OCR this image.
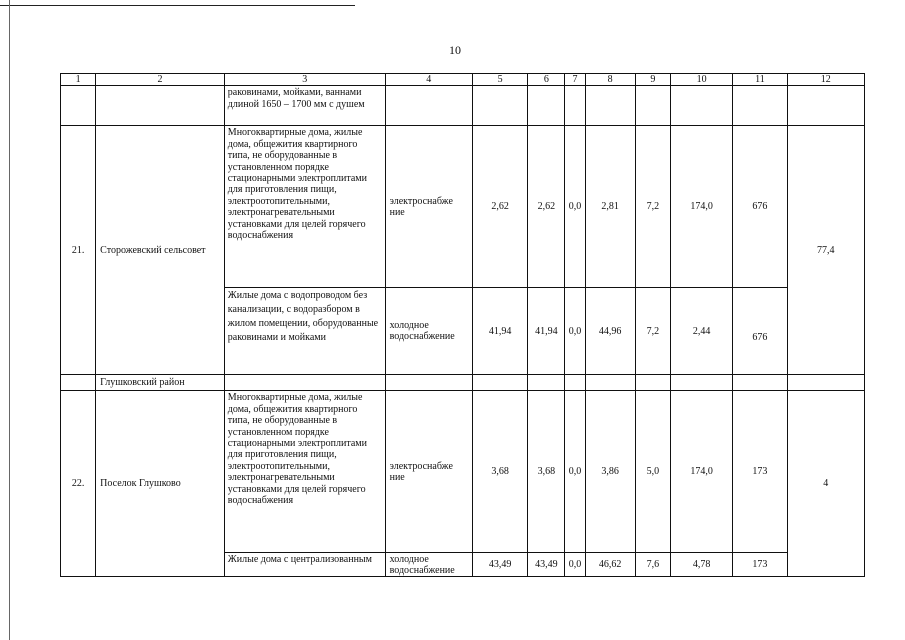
10
1	2	3	4	5	6	7	8	9	10	11	12
		раковинами, мойками, ваннами длиной 1650 – 1700 мм с душем									
21.	Сторожевский сельсовет	Многоквартирные дома, жилые дома, общежития квартирного типа, не оборудованные в установленном порядке стационарными электроплитами для приготовления пищи, электроотопительными, электронагревательными установками для целей горячего водоснабжения	электроснабже ние	2,62	2,62	0,0	2,81	7,2	174,0	676	77,4
		Жилые дома с водопроводом без канализации, с водоразбором в жилом помещении, оборудованные раковинами и мойками	холодное водоснабжение	41,94	41,94	0,0	44,96	7,2	2,44	676	
	Глушковский район										
22.	Поселок Глушково	Многоквартирные дома, жилые дома, общежития квартирного типа, не оборудованные в установленном порядке стационарными электроплитами для приготовления пищи, электроотопительными, электронагревательными установками для целей горячего водоснабжения	электроснабже ние	3,68	3,68	0,0	3,86	5,0	174,0	173	4
		Жилые дома с централизованным	холодное водоснабжение	43,49	43,49	0,0	46,62	7,6	4,78	173	
